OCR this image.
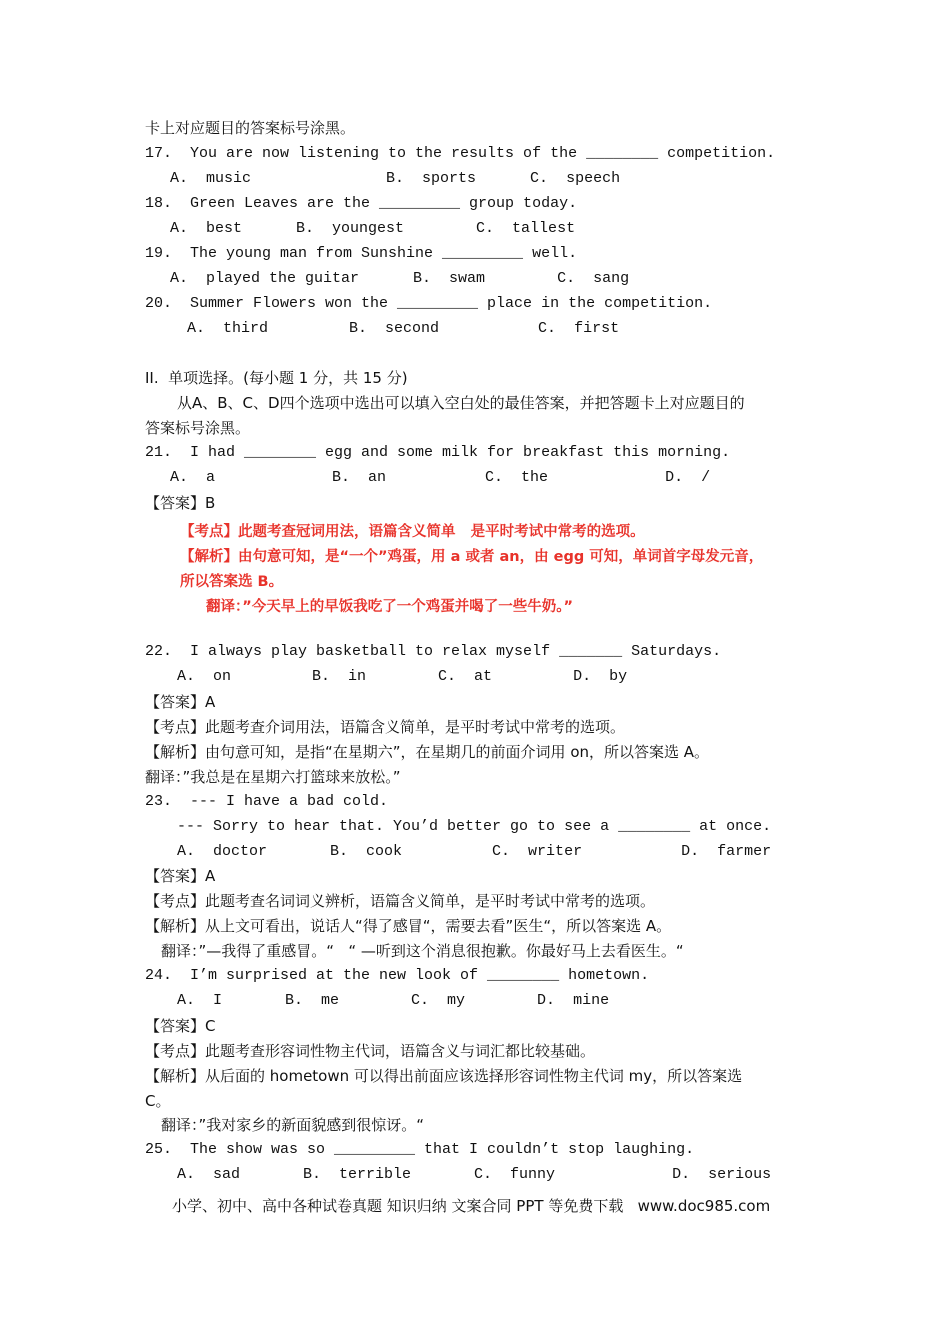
卡上对应题目的答案标号涂黑。
17.  You are now listening to the results of the ________ competition.
A.  music               B.  sports      C.  speech
18.  Green Leaves are the _________ group today.
A.  best      B.  youngest        C.  tallest
19.  The young man from Sunshine _________ well.
A.  played the guitar      B.  swam        C.  sang
20.  Summer Flowers won the _________ place in the competition.
A.  third         B.  second           C.  first
II.  单项选择。(每小题 1 分，共 15 分)
从A、B、C、D四个选项中选出可以填入空白处的最佳答案，并把答题卡上对应题目的
答案标号涂黑。
21.  I had ________ egg and some milk for breakfast this morning.
A.  a             B.  an           C.  the             D.  /
【答案】B
【考点】此题考查冠词用法，语篇含义简单   是平时考试中常考的选项。
【解析】由句意可知，是“一个”鸡蛋，用 a 或者 an，由 egg 可知，单词首字母发元音，
所以答案选 B。
翻译：”今天早上的早饭我吃了一个鸡蛋并喝了一些牛奶。”
22.  I always play basketball to relax myself _______ Saturdays.
A.  on         B.  in        C.  at         D.  by
【答案】A
【考点】此题考查介词用法，语篇含义简单，是平时考试中常考的选项。
【解析】由句意可知，是指“在星期六”，在星期几的前面介词用 on，所以答案选 A。
翻译：”我总是在星期六打篮球来放松。”
23.  --- I have a bad cold.
--- Sorry to hear that. You’d better go to see a ________ at once.
A.  doctor       B.  cook          C.  writer           D.  farmer
【答案】A
【考点】此题考查名词词义辨析，语篇含义简单，是平时考试中常考的选项。
【解析】从上文可看出，说话人“得了感冒“，需要去看”医生“，所以答案选 A。
翻译：”—我得了重感冒。“   “ —听到这个消息很抱歉。你最好马上去看医生。“
24.  I’m surprised at the new look of ________ hometown.
A.  I       B.  me        C.  my        D.  mine
【答案】C
【考点】此题考查形容词性物主代词，语篇含义与词汇都比较基础。
【解析】从后面的 hometown 可以得出前面应该选择形容词性物主代词 my，所以答案选
C。
翻译：”我对家乡的新面貌感到很惊讶。“
25.  The show was so _________ that I couldn’t stop laughing.
A.  sad       B.  terrible       C.  funny             D.  serious
小学、初中、高中各种试卷真题 知识归纳 文案合同 PPT 等免费下载   www.doc985.com
